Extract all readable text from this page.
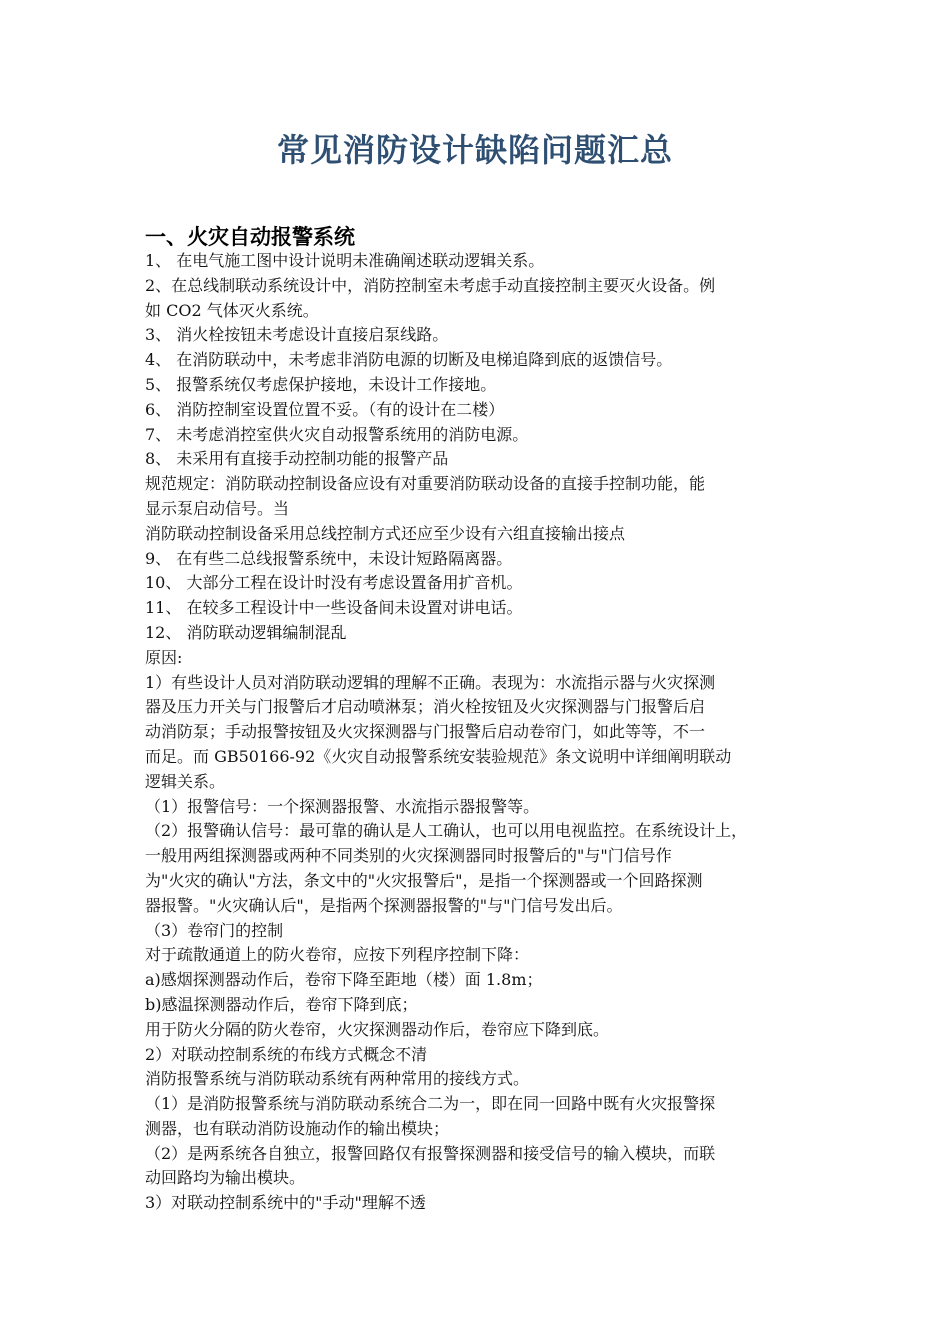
常见消防设计缺陷问题汇总
一、火灾自动报警系统
1、 在电气施工图中设计说明未准确阐述联动逻辑关系。
2、在总线制联动系统设计中，消防控制室未考虑手动直接控制主要灭火设备。例
如 CO2 气体灭火系统。
3、 消火栓按钮未考虑设计直接启泵线路。
4、 在消防联动中，未考虑非消防电源的切断及电梯追降到底的返馈信号。
5、 报警系统仅考虑保护接地，未设计工作接地。
6、 消防控制室设置位置不妥。（有的设计在二楼）
7、 未考虑消控室供火灾自动报警系统用的消防电源。
8、 未采用有直接手动控制功能的报警产品
规范规定：消防联动控制设备应设有对重要消防联动设备的直接手控制功能，能
显示泵启动信号。当
消防联动控制设备采用总线控制方式还应至少设有六组直接输出接点
9、 在有些二总线报警系统中，未设计短路隔离器。
10、 大部分工程在设计时没有考虑设置备用扩音机。
11、 在较多工程设计中一些设备间未设置对讲电话。
12、 消防联动逻辑编制混乱
原因:
1）有些设计人员对消防联动逻辑的理解不正确。表现为：水流指示器与火灾探测
器及压力开关与门报警后才启动喷淋泵；消火栓按钮及火灾探测器与门报警后启
动消防泵；手动报警按钮及火灾探测器与门报警后启动卷帘门，如此等等，不一
而足。而 GB50166-92《火灾自动报警系统安装验规范》条文说明中详细阐明联动
逻辑关系。
（1）报警信号：一个探测器报警、水流指示器报警等。
（2）报警确认信号：最可靠的确认是人工确认，也可以用电视监控。在系统设计上，
一般用两组探测器或两种不同类别的火灾探测器同时报警后的"与"门信号作
为"火灾的确认"方法，条文中的"火灾报警后"，是指一个探测器或一个回路探测
器报警。"火灾确认后"，是指两个探测器报警的"与"门信号发出后。
（3）卷帘门的控制
对于疏散通道上的防火卷帘，应按下列程序控制下降：
a)感烟探测器动作后，卷帘下降至距地（楼）面 1.8m；
b)感温探测器动作后，卷帘下降到底；
用于防火分隔的防火卷帘，火灾探测器动作后，卷帘应下降到底。
2）对联动控制系统的布线方式概念不清
消防报警系统与消防联动系统有两种常用的接线方式。
（1）是消防报警系统与消防联动系统合二为一，即在同一回路中既有火灾报警探
测器，也有联动消防设施动作的输出模块；
（2）是两系统各自独立，报警回路仅有报警探测器和接受信号的输入模块，而联
动回路均为输出模块。
3）对联动控制系统中的"手动"理解不透
